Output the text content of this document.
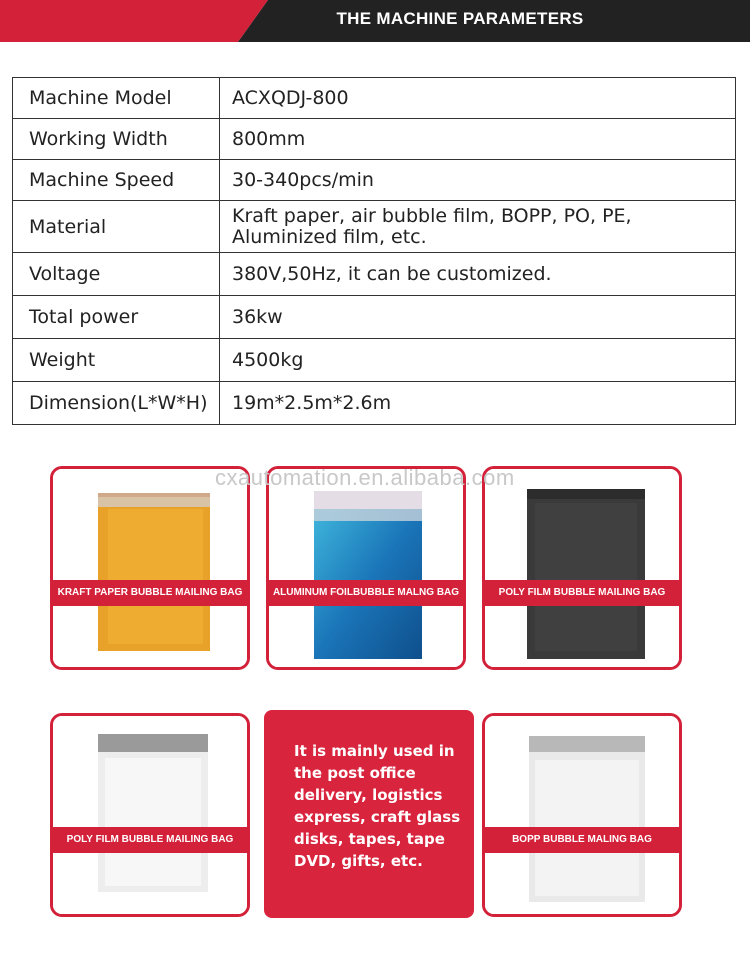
THE MACHINE PARAMETERS
Machine Model	ACXQDJ-800
Working Width	800mm
Machine Speed	30-340pcs/min
Material	Kraft paper, air bubble film, BOPP, PO, PE,
Aluminized film, etc.

Voltage	380V,50Hz, it can be customized.
Total power	36kw
Weight	4500kg
Dimension(L*W*H)	19m*2.5m*2.6m
KRAFT PAPER BUBBLE MAILING BAG	ALUMINUM FOILBUBBLE MALNG BAG	POLY FILM BUBBLE MAILING BAG
POLY FILM BUBBLE MAILING BAG
It is mainly used in
the post office
delivery, logistics
express, craft glass
disks, tapes, tape
DVD, gifts, etc.
BOPP BUBBLE MALING BAG
cxautomation.en.alibaba.com
